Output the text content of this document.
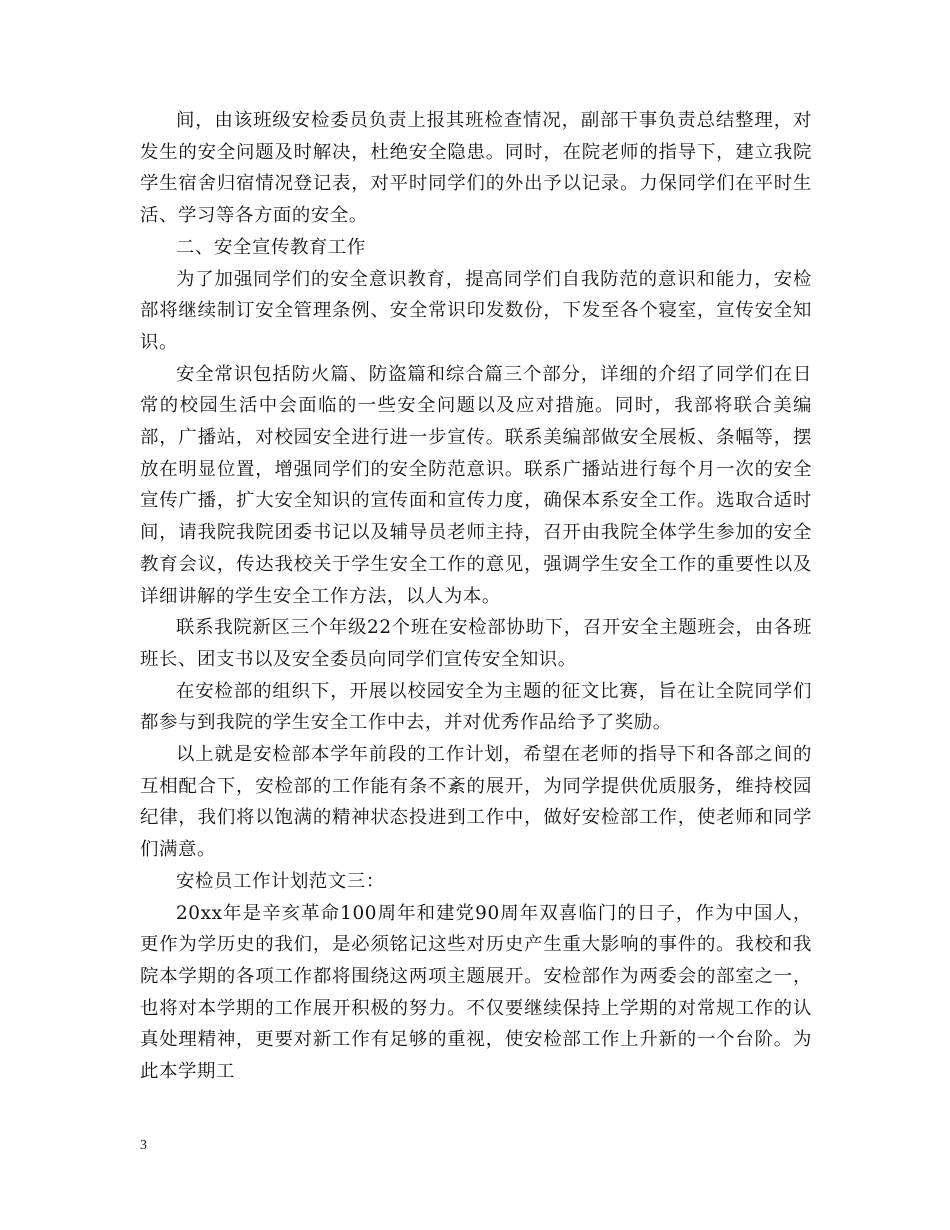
间，由该班级安检委员负责上报其班检查情况，副部干事负责总结整理，对发生的安全问题及时解决，杜绝安全隐患。同时，在院老师的指导下，建立我院学生宿舍归宿情况登记表，对平时同学们的外出予以记录。力保同学们在平时生活、学习等各方面的安全。

二、安全宣传教育工作

为了加强同学们的安全意识教育，提高同学们自我防范的意识和能力，安检部将继续制订安全管理条例、安全常识印发数份，下发至各个寝室，宣传安全知识。

安全常识包括防火篇、防盗篇和综合篇三个部分，详细的介绍了同学们在日常的校园生活中会面临的一些安全问题以及应对措施。同时，我部将联合美编部，广播站，对校园安全进行进一步宣传。联系美编部做安全展板、条幅等，摆放在明显位置，增强同学们的安全防范意识。联系广播站进行每个月一次的安全宣传广播，扩大安全知识的宣传面和宣传力度，确保本系安全工作。选取合适时间，请我院我院团委书记以及辅导员老师主持，召开由我院全体学生参加的安全教育会议，传达我校关于学生安全工作的意见，强调学生安全工作的重要性以及详细讲解的学生安全工作方法，以人为本。

联系我院新区三个年级22个班在安检部协助下，召开安全主题班会，由各班班长、团支书以及安全委员向同学们宣传安全知识。

在安检部的组织下，开展以校园安全为主题的征文比赛，旨在让全院同学们都参与到我院的学生安全工作中去，并对优秀作品给予了奖励。

以上就是安检部本学年前段的工作计划，希望在老师的指导下和各部之间的互相配合下，安检部的工作能有条不紊的展开，为同学提供优质服务，维持校园纪律，我们将以饱满的精神状态投进到工作中，做好安检部工作，使老师和同学们满意。

安检员工作计划范文三：

20xx年是辛亥革命100周年和建党90周年双喜临门的日子，作为中国人，更作为学历史的我们，是必须铭记这些对历史产生重大影响的事件的。我校和我院本学期的各项工作都将围绕这两项主题展开。安检部作为两委会的部室之一，也将对本学期的工作展开积极的努力。不仅要继续保持上学期的对常规工作的认真处理精神，更要对新工作有足够的重视，使安检部工作上升新的一个台阶。为此本学期工

3
